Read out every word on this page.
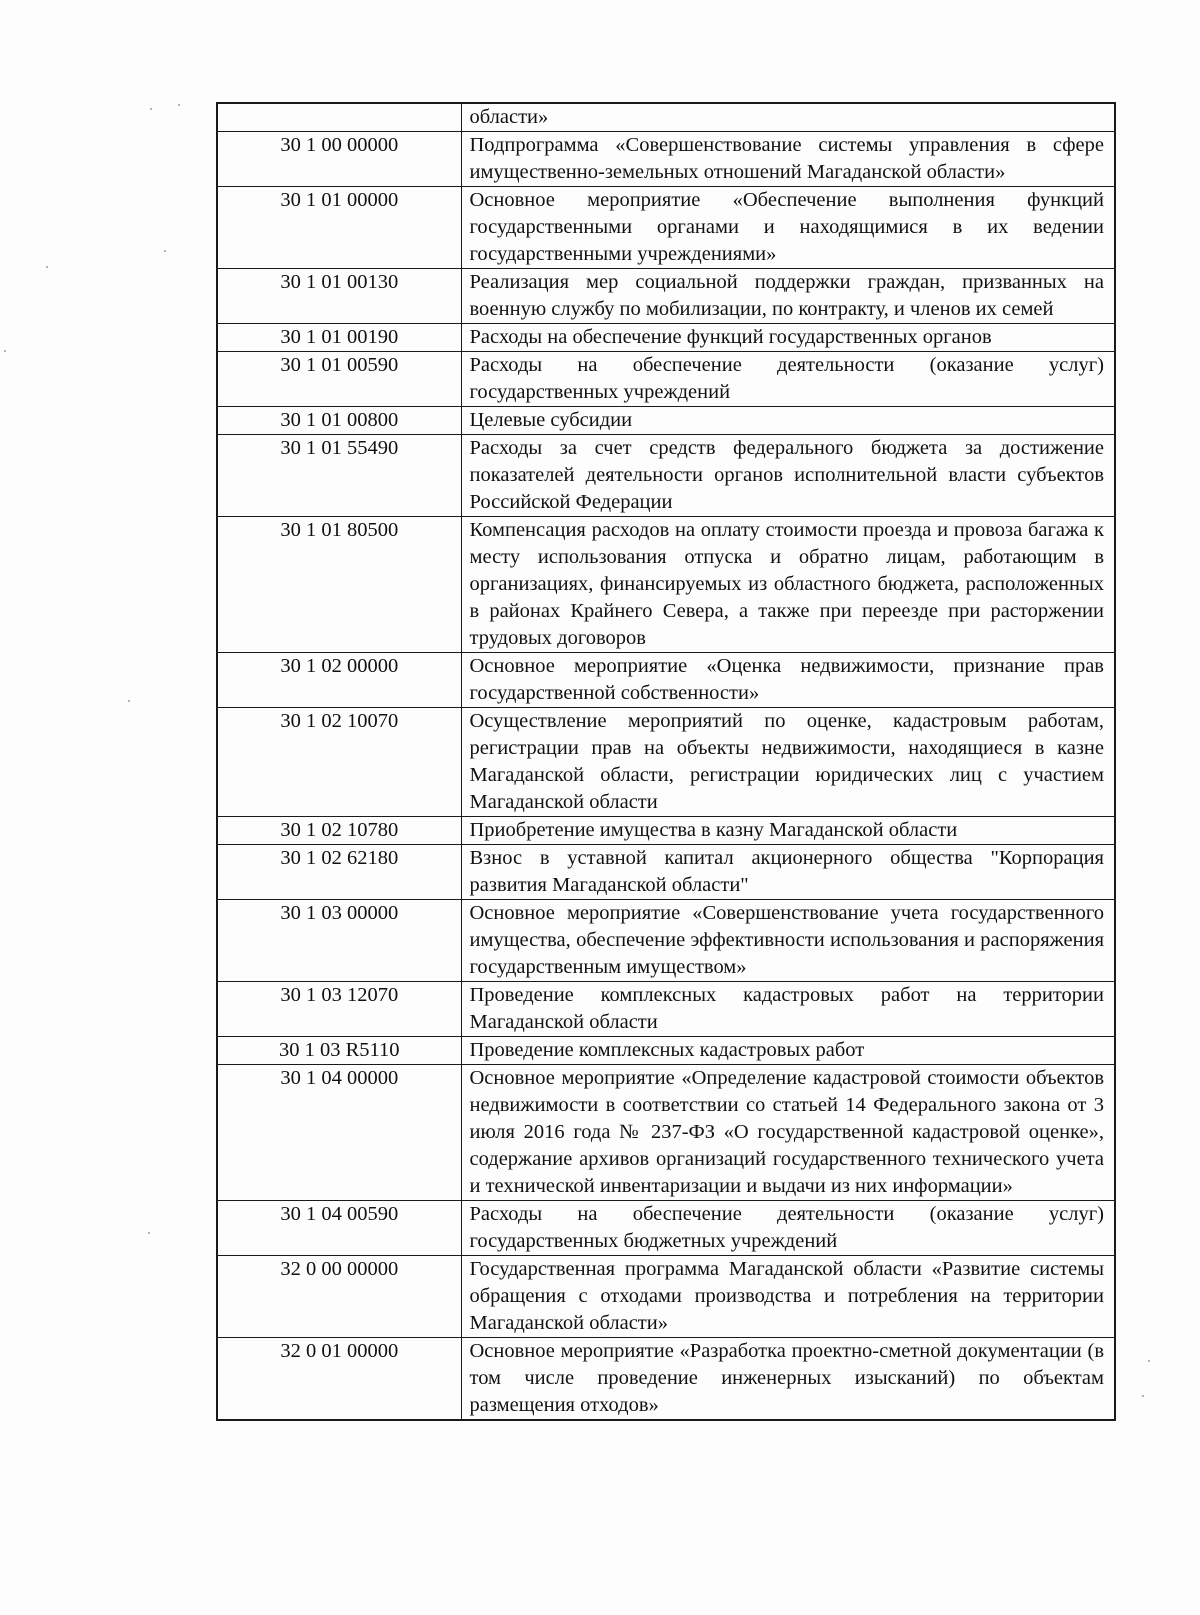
	области»
30 1 00 00000	Подпрограмма «Совершенствование системы управления в сфере имущественно-земельных отношений Магаданской области»
30 1 01 00000	Основное мероприятие «Обеспечение выполнения функций государственными органами и находящимися в их ведении государственными учреждениями»
30 1 01 00130	Реализация мер социальной поддержки граждан, призванных на военную службу по мобилизации, по контракту, и членов их семей
30 1 01 00190	Расходы на обеспечение функций государственных органов
30 1 01 00590	Расходы на обеспечение деятельности (оказание услуг) государственных учреждений
30 1 01 00800	Целевые субсидии
30 1 01 55490	Расходы за счет средств федерального бюджета за достижение показателей деятельности органов исполнительной власти субъектов Российской Федерации
30 1 01 80500	Компенсация расходов на оплату стоимости проезда и провоза багажа к месту использования отпуска и обратно лицам, работающим в организациях, финансируемых из областного бюджета, расположенных в районах Крайнего Севера, а также при переезде при расторжении трудовых договоров
30 1 02 00000	Основное мероприятие «Оценка недвижимости, признание прав государственной собственности»
30 1 02 10070	Осуществление мероприятий по оценке, кадастровым работам, регистрации прав на объекты недвижимости, находящиеся в казне Магаданской области, регистрации юридических лиц с участием Магаданской области
30 1 02 10780	Приобретение имущества в казну Магаданской области
30 1 02 62180	Взнос в уставной капитал акционерного общества "Корпорация развития Магаданской области"
30 1 03 00000	Основное мероприятие «Совершенствование учета государственного имущества, обеспечение эффективности использования и распоряжения государственным имуществом»
30 1 03 12070	Проведение комплексных кадастровых работ на территории Магаданской области
30 1 03 R5110	Проведение комплексных кадастровых работ
30 1 04 00000	Основное мероприятие «Определение кадастровой стоимости объектов недвижимости в соответствии со статьей 14 Федерального закона от 3 июля 2016 года № 237-ФЗ «О государственной кадастровой оценке», содержание архивов организаций государственного технического учета и технической инвентаризации и выдачи из них информации»
30 1 04 00590	Расходы на обеспечение деятельности (оказание услуг) государственных бюджетных учреждений
32 0 00 00000	Государственная программа Магаданской области «Развитие системы обращения с отходами производства и потребления на территории Магаданской области»
32 0 01 00000	Основное мероприятие «Разработка проектно-сметной документации (в том числе проведение инженерных изысканий) по объектам размещения отходов»
